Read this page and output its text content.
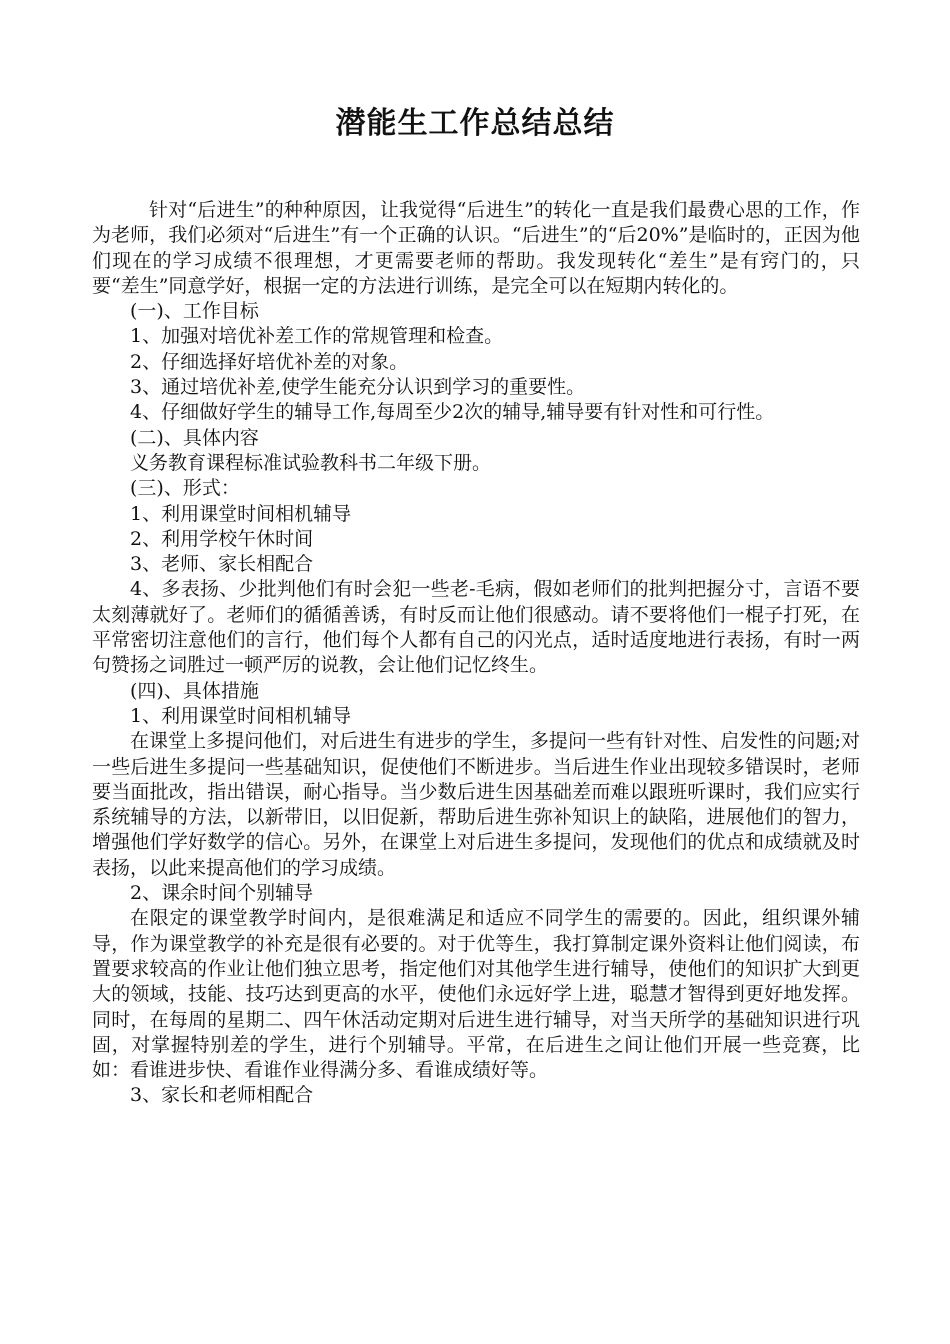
潜能生工作总结总结

针对“后进生”的种种原因，让我觉得“后进生”的转化一直是我们最费心思的工作，作为老师，我们必须对“后进生”有一个正确的认识。“后进生”的“后20%”是临时的，正因为他们现在的学习成绩不很理想，才更需要老师的帮助。我发现转化“差生”是有窍门的，只要“差生”同意学好，根据一定的方法进行训练，是完全可以在短期内转化的。

(一)、工作目标

1、加强对培优补差工作的常规管理和检查。

2、仔细选择好培优补差的对象。

3、通过培优补差,使学生能充分认识到学习的重要性。

4、仔细做好学生的辅导工作,每周至少2次的辅导,辅导要有针对性和可行性。

(二)、具体内容

义务教育课程标准试验教科书二年级下册。

(三)、形式：

1、利用课堂时间相机辅导

2、利用学校午休时间

3、老师、家长相配合

4、多表扬、少批判他们有时会犯一些老-毛病，假如老师们的批判把握分寸，言语不要太刻薄就好了。老师们的循循善诱，有时反而让他们很感动。请不要将他们一棍子打死，在平常密切注意他们的言行，他们每个人都有自己的闪光点，适时适度地进行表扬，有时一两句赞扬之词胜过一顿严厉的说教，会让他们记忆终生。

(四)、具体措施

1、利用课堂时间相机辅导

在课堂上多提问他们，对后进生有进步的学生，多提问一些有针对性、启发性的问题;对一些后进生多提问一些基础知识，促使他们不断进步。当后进生作业出现较多错误时，老师要当面批改，指出错误，耐心指导。当少数后进生因基础差而难以跟班听课时，我们应实行系统辅导的方法，以新带旧，以旧促新，帮助后进生弥补知识上的缺陷，进展他们的智力，增强他们学好数学的信心。另外，在课堂上对后进生多提问，发现他们的优点和成绩就及时表扬，以此来提高他们的学习成绩。

2、课余时间个别辅导

在限定的课堂教学时间内，是很难满足和适应不同学生的需要的。因此，组织课外辅导，作为课堂教学的补充是很有必要的。对于优等生，我打算制定课外资料让他们阅读，布置要求较高的作业让他们独立思考，指定他们对其他学生进行辅导，使他们的知识扩大到更大的领域，技能、技巧达到更高的水平，使他们永远好学上进，聪慧才智得到更好地发挥。同时，在每周的星期二、四午休活动定期对后进生进行辅导，对当天所学的基础知识进行巩固，对掌握特别差的学生，进行个别辅导。平常，在后进生之间让他们开展一些竞赛，比如：看谁进步快、看谁作业得满分多、看谁成绩好等。

3、家长和老师相配合
